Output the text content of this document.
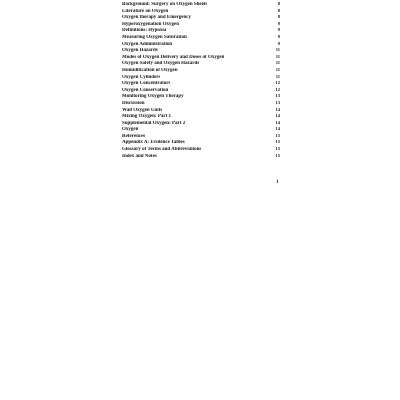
Background: Surgery on Oxygen Sheets	8
Literature on Oxygen	8
Oxygen therapy and Emergency	8
Hyperoxygenation Oxygen	9
Definitions: Hypoxia	9
Measuring Oxygen Saturation	9
Oxygen Administration	9
Oxygen Hazards	11
Modes of Oxygen Delivery and Doses of Oxygen	11
Oxygen Safety and Oxygen Hazards	11
Humidification of Oxygen	11
Oxygen Cylinders	11
Oxygen Concentrators	12
Oxygen Conservation	12
Monitoring Oxygen Therapy	13
Discussion	13
Wall Oxygen Units	14
Mixing Oxygen: Part 1	14
Supplemental Oxygen: Part 2	14
Oxygen	14
References	15
Appendix A: Evidence Tables	15
Glossary of Terms and Abbreviations	15
Index and Notes	15
1
